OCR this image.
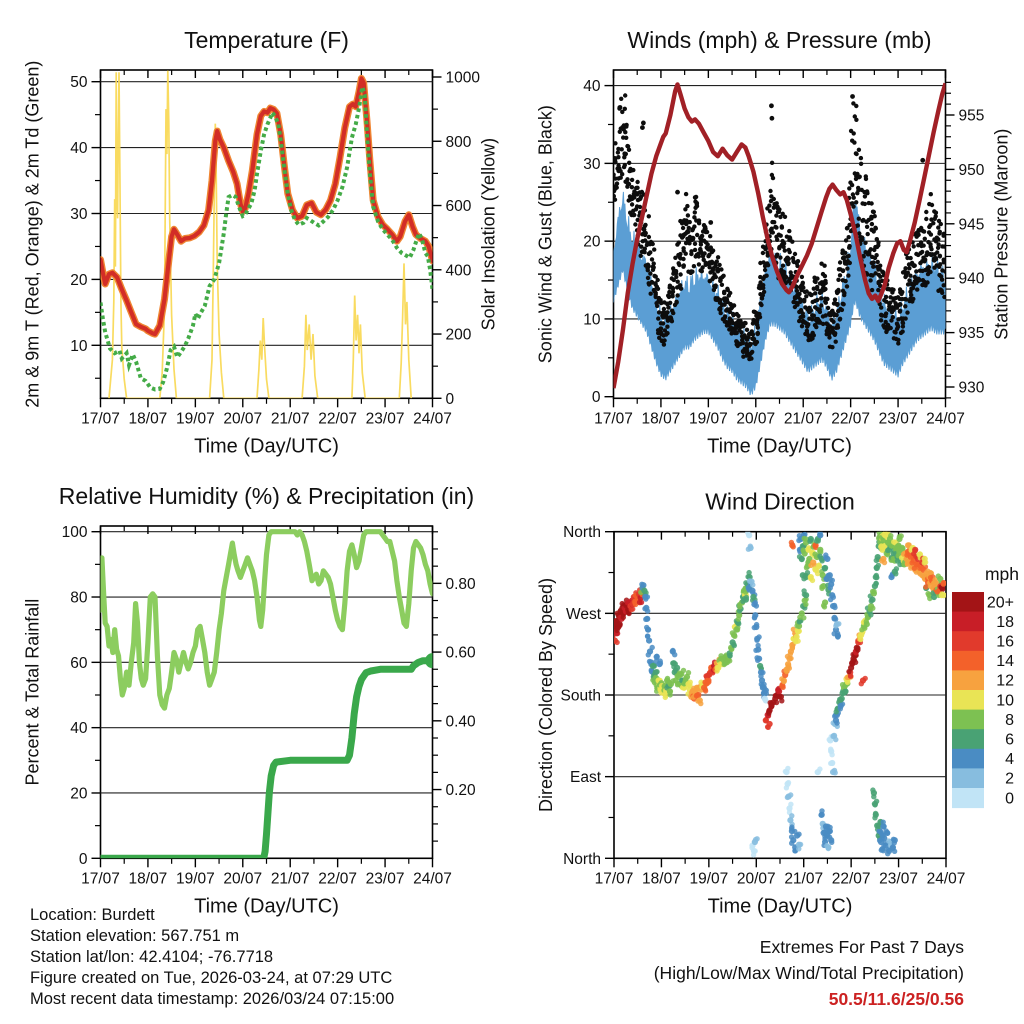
17/07 18/07 19/07 20/07 21/07 22/07 23/07 24/07
10
20
30
40
50
0
200
400
600
800
1000
Temperature (F)
Time (Day/UTC)
2m & 9m T (Red, Orange) & 2m Td (Green)	Solar Insolation (Yellow)
17/07 18/07 19/07 20/07 21/07 22/07 23/07 24/07
0
10
20
30
40
930
935
940
945
950
955
Winds (mph) & Pressure (mb)
Time (Day/UTC)
Sonic Wind & Gust (Blue, Black)	Station Pressure (Maroon)
17/07 18/07 19/07 20/07 21/07 22/07 23/07 24/07
0
20
40
60
80
100
0.20
0.40
0.60
0.80
Relative Humidity (%) & Precipitation (in)
Time (Day/UTC)
Percent & Total Rainfall
17/07 18/07 19/07 20/07 21/07 22/07 23/07 24/07
North
West
South
East
North
Wind Direction
Time (Day/UTC)
Direction (Colored By Speed)
mph
20+
18
16
14
12
10
8
6
4
2
0
Location: Burdett
Station elevation: 567.751 m
Station lat/lon: 42.4104; -76.7718
Figure created on Tue, 2026-03-24, at 07:29 UTC
Most recent data timestamp: 2026/03/24 07:15:00
Extremes For Past 7 Days
(High/Low/Max Wind/Total Precipitation)
50.5/11.6/25/0.56
